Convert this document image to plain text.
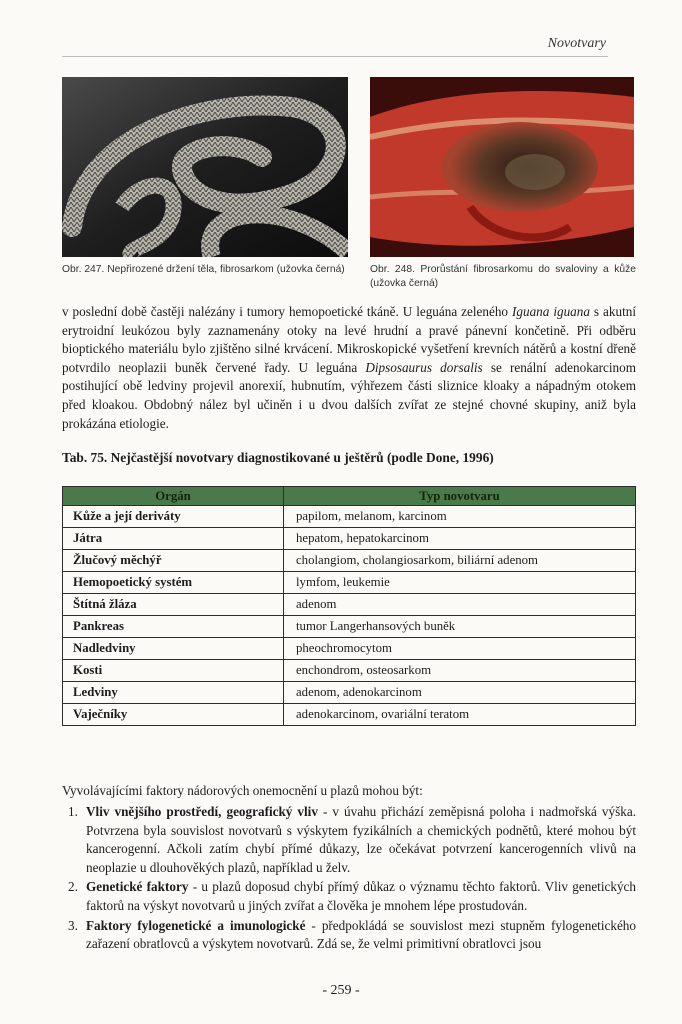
Novotvary
Obr. 247. Nepřirozené držení těla, fibrosarkom (užovka černá)	Obr. 248. Prorůstání fibrosarkomu do svaloviny a kůže (užovka černá)
v poslední době častěji nalézány i tumory hemopoetické tkáně. U leguána zeleného Iguana iguana s akutní erytroidní leukózou byly zaznamenány otoky na levé hrudní a pravé pánevní končetině. Při odběru bioptického materiálu bylo zjištěno silné krvácení. Mikroskopické vyšetření krevních nátěrů a kostní dřeně potvrdilo neoplazii buněk červené řady. U leguána Dipsosaurus dorsalis se renální adenokarcinom postihující obě ledviny projevil anorexií, hubnutím, výhřezem části sliznice kloaky a nápadným otokem před kloakou. Obdobný nález byl učiněn i u dvou dalších zvířat ze stejné chovné skupiny, aniž byla prokázána etiologie.
Tab. 75. Nejčastější novotvary diagnostikované u ještěrů (podle Done, 1996)
Orgán	Typ novotvaru
Kůže a její deriváty	papilom, melanom, karcinom
Játra	hepatom, hepatokarcinom
Žlučový měchýř	cholangiom, cholangiosarkom, biliární adenom
Hemopoetický systém	lymfom, leukemie
Štítná žláza	adenom
Pankreas	tumor Langerhansových buněk
Nadledviny	pheochromocytom
Kosti	enchondrom, osteosarkom
Ledviny	adenom, adenokarcinom
Vaječníky	adenokarcinom, ovariální teratom
Vyvolávajícími faktory nádorových onemocnění u plazů mohou být:
1. Vliv vnějšího prostředí, geografický vliv - v úvahu přichází zeměpisná poloha i nadmořská výška. Potvrzena byla souvislost novotvarů s výskytem fyzikálních a chemických podnětů, které mohou být kancerogenní. Ačkoli zatím chybí přímé důkazy, lze očekávat potvrzení kancerogenních vlivů na neoplazie u dlouhověkých plazů, například u želv.
2. Genetické faktory - u plazů doposud chybí přímý důkaz o významu těchto faktorů. Vliv genetických faktorů na výskyt novotvarů u jiných zvířat a člověka je mnohem lépe prostudován.
3. Faktory fylogenetické a imunologické - předpokládá se souvislost mezi stupněm fylogenetického zařazení obratlovců a výskytem novotvarů. Zdá se, že velmi primitivní obratlovci jsou
- 259 -
